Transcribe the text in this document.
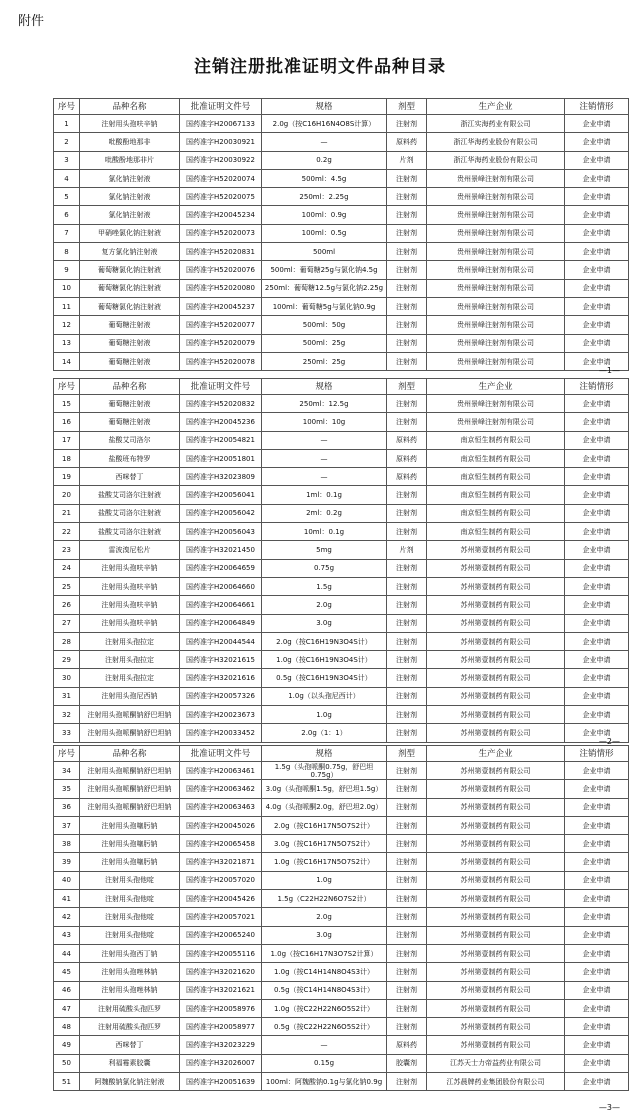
附件
注销注册批准证明文件品种目录
序号	品种名称	批准证明文件号	规格	剂型	生产企业	注销情形
1	注射用头孢呋辛钠	国药准字H20067133	2.0g（按C16H16N4O8S计算）	注射剂	浙江实海药业有限公司	企业申请
2	吡酸酚地那非	国药准字H20030921	—	原料药	浙江华海药业股份有限公司	企业申请
3	吡酸酚地那非片	国药准字H20030922	0.2g	片剂	浙江华海药业股份有限公司	企业申请
4	氯化钠注射液	国药准字H52020074	500ml：4.5g	注射剂	贵州景峰注射剂有限公司	企业申请
5	氯化钠注射液	国药准字H52020075	250ml：2.25g	注射剂	贵州景峰注射剂有限公司	企业申请
6	氯化钠注射液	国药准字H20045234	100ml：0.9g	注射剂	贵州景峰注射剂有限公司	企业申请
7	甲硝唑氯化钠注射液	国药准字H52020073	100ml：0.5g	注射剂	贵州景峰注射剂有限公司	企业申请
8	复方氯化钠注射液	国药准字H52020831	500ml	注射剂	贵州景峰注射剂有限公司	企业申请
9	葡萄糖氯化钠注射液	国药准字H52020076	500ml：葡萄糖25g与氯化钠4.5g	注射剂	贵州景峰注射剂有限公司	企业申请
10	葡萄糖氯化钠注射液	国药准字H52020080	250ml：葡萄糖12.5g与氯化钠2.25g	注射剂	贵州景峰注射剂有限公司	企业申请
11	葡萄糖氯化钠注射液	国药准字H20045237	100ml：葡萄糖5g与氯化钠0.9g	注射剂	贵州景峰注射剂有限公司	企业申请
12	葡萄糖注射液	国药准字H52020077	500ml：50g	注射剂	贵州景峰注射剂有限公司	企业申请
13	葡萄糖注射液	国药准字H52020079	500ml：25g	注射剂	贵州景峰注射剂有限公司	企业申请
14	葡萄糖注射液	国药准字H52020078	250ml：25g	注射剂	贵州景峰注射剂有限公司	企业申请
—1—
序号	品种名称	批准证明文件号	规格	剂型	生产企业	注销情形
15	葡萄糖注射液	国药准字H52020832	250ml：12.5g	注射剂	贵州景峰注射剂有限公司	企业申请
16	葡萄糖注射液	国药准字H20045236	100ml：10g	注射剂	贵州景峰注射剂有限公司	企业申请
17	盐酸艾司洛尔	国药准字H20054821	—	原料药	南京恒生制药有限公司	企业申请
18	盐酸班布特罗	国药准字H20051801	—	原料药	南京恒生制药有限公司	企业申请
19	西咪替丁	国药准字H32023809	—	原料药	南京恒生制药有限公司	企业申请
20	盐酸艾司洛尔注射液	国药准字H20056041	1ml：0.1g	注射剂	南京恒生制药有限公司	企业申请
21	盐酸艾司洛尔注射液	国药准字H20056042	2ml：0.2g	注射剂	南京恒生制药有限公司	企业申请
22	盐酸艾司洛尔注射液	国药准字H20056043	10ml：0.1g	注射剂	南京恒生制药有限公司	企业申请
23	雷波溴尼松片	国药准字H32021450	5mg	片剂	苏州第壹制药有限公司	企业申请
24	注射用头孢呋辛钠	国药准字H20064659	0.75g	注射剂	苏州第壹制药有限公司	企业申请
25	注射用头孢呋辛钠	国药准字H20064660	1.5g	注射剂	苏州第壹制药有限公司	企业申请
26	注射用头孢呋辛钠	国药准字H20064661	2.0g	注射剂	苏州第壹制药有限公司	企业申请
27	注射用头孢呋辛钠	国药准字H20064849	3.0g	注射剂	苏州第壹制药有限公司	企业申请
28	注射用头孢拉定	国药准字H20044544	2.0g（按C16H19N3O4S计）	注射剂	苏州第壹制药有限公司	企业申请
29	注射用头孢拉定	国药准字H32021615	1.0g（按C16H19N3O4S计）	注射剂	苏州第壹制药有限公司	企业申请
30	注射用头孢拉定	国药准字H32021616	0.5g（按C16H19N3O4S计）	注射剂	苏州第壹制药有限公司	企业申请
31	注射用头孢尼西钠	国药准字H20057326	1.0g（以头孢尼西计）	注射剂	苏州第壹制药有限公司	企业申请
32	注射用头孢哌酮钠舒巴坦钠	国药准字H20023673	1.0g	注射剂	苏州第壹制药有限公司	企业申请
33	注射用头孢哌酮钠舒巴坦钠	国药准字H20033452	2.0g（1：1）	注射剂	苏州第壹制药有限公司	企业申请
—2—
序号	品种名称	批准证明文件号	规格	剂型	生产企业	注销情形
34	注射用头孢哌酮钠舒巴坦钠	国药准字H20063461	1.5g（头孢哌酮0.75g，舒巴坦0.75g）	注射剂	苏州第壹制药有限公司	企业申请
35	注射用头孢哌酮钠舒巴坦钠	国药准字H20063462	3.0g（头孢哌酮1.5g，舒巴坦1.5g）	注射剂	苏州第壹制药有限公司	企业申请
36	注射用头孢哌酮钠舒巴坦钠	国药准字H20063463	4.0g（头孢哌酮2.0g，舒巴坦2.0g）	注射剂	苏州第壹制药有限公司	企业申请
37	注射用头孢噻肟钠	国药准字H20045026	2.0g（按C16H17N5O7S2计）	注射剂	苏州第壹制药有限公司	企业申请
38	注射用头孢噻肟钠	国药准字H20065458	3.0g（按C16H17N5O7S2计）	注射剂	苏州第壹制药有限公司	企业申请
39	注射用头孢噻肟钠	国药准字H32021871	1.0g（按C16H17N5O7S2计）	注射剂	苏州第壹制药有限公司	企业申请
40	注射用头孢他啶	国药准字H20057020	1.0g	注射剂	苏州第壹制药有限公司	企业申请
41	注射用头孢他啶	国药准字H20045426	1.5g（C22H22N6O7S2计）	注射剂	苏州第壹制药有限公司	企业申请
42	注射用头孢他啶	国药准字H20057021	2.0g	注射剂	苏州第壹制药有限公司	企业申请
43	注射用头孢他啶	国药准字H20065240	3.0g	注射剂	苏州第壹制药有限公司	企业申请
44	注射用头孢西丁钠	国药准字H20055116	1.0g（按C16H17N3O7S2计算）	注射剂	苏州第壹制药有限公司	企业申请
45	注射用头孢唑林钠	国药准字H32021620	1.0g（按C14H14N8O4S3计）	注射剂	苏州第壹制药有限公司	企业申请
46	注射用头孢唑林钠	国药准字H32021621	0.5g（按C14H14N8O4S3计）	注射剂	苏州第壹制药有限公司	企业申请
47	注射用硫酸头孢匹罗	国药准字H20058976	1.0g（按C22H22N6O5S2计）	注射剂	苏州第壹制药有限公司	企业申请
48	注射用硫酸头孢匹罗	国药准字H20058977	0.5g（按C22H22N6O5S2计）	注射剂	苏州第壹制药有限公司	企业申请
49	西咪替丁	国药准字H32023229	—	原料药	苏州第壹制药有限公司	企业申请
50	利福霉素胶囊	国药准字H32026007	0.15g	胶囊剂	江苏天士力帝益药业有限公司	企业申请
51	阿魏酸钠氯化钠注射液	国药准字H20051639	100ml：阿魏酸钠0.1g与氯化钠0.9g	注射剂	江苏晨牌药业集团股份有限公司	企业申请
—3—
